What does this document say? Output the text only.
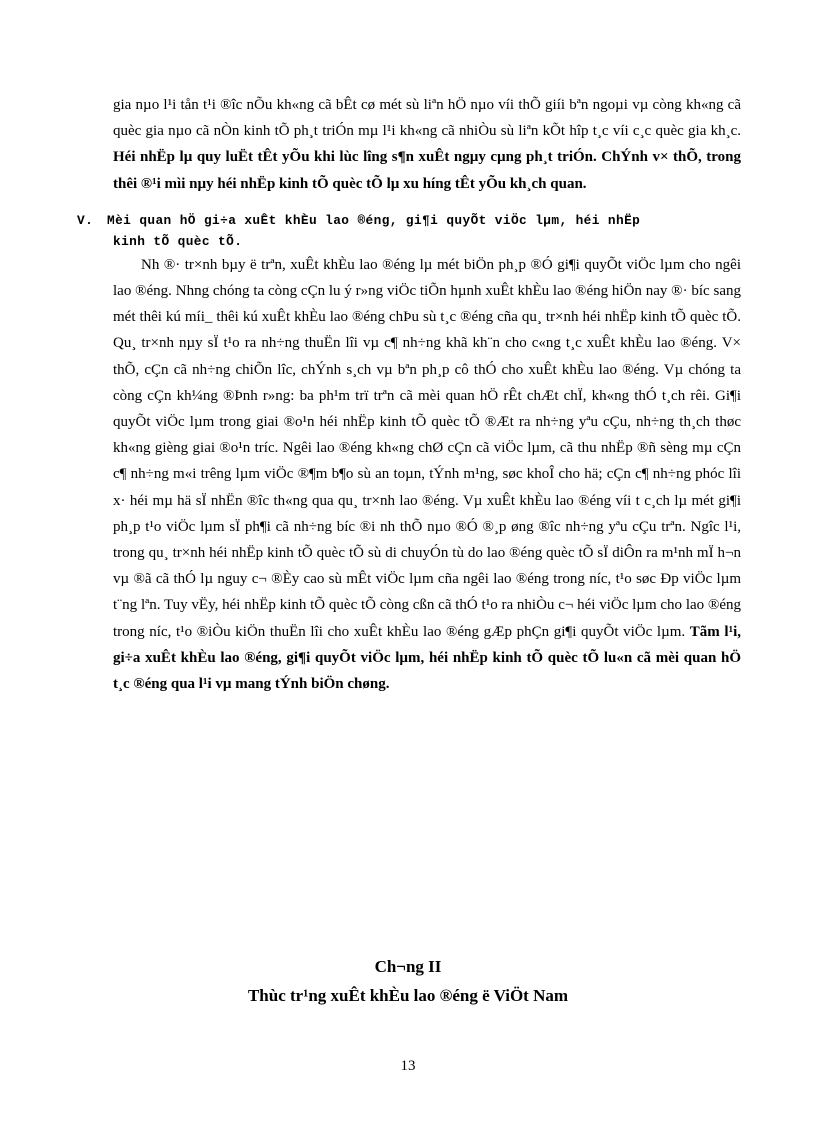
gia nµo l¹i tån t¹i ®îc nÕu kh«ng cã bÊt cø mét sù liªn hÖ nµo víi thÕ giíi bªn ngoµi vµ còng kh«ng cã quèc gia nµo cã nÒn kinh tÕ ph¸t triÓn mµ l¹i kh«ng cã nhiÒu sù liªn kÕt hîp t¸c víi c¸c quèc gia kh¸c. Héi nhËp lµ quy luËt tÊt yÕu khi lùc lîng s¶n xuÊt ngµy cµng ph¸t triÓn. ChÝnh v× thÕ, trong thêi ®¹i mìi nµy héi nhËp kinh tÕ quèc tÕ lµ xu híng tÊt yÕu kh¸ch quan.

V. Mèi quan hÖ gi÷a xuÊt khÈu lao ®éng, gi¶i quyÕt viÖc lµm, héi nhËp
kinh tÕ quèc tÕ.

Nh ®· tr×nh bµy ë trªn, xuÊt khÈu lao ®éng lµ mét biÖn ph¸p ®Ó gi¶i quyÕt viÖc lµm cho ngêi lao ®éng. Nhng chóng ta còng cÇn lu ý r»ng viÖc tiÕn hµnh xuÊt khÈu lao ®éng hiÖn nay ®· bíc sang mét thêi kú míi_ thêi kú xuÊt khÈu lao ®éng chÞu sù t¸c ®éng cña qu¸ tr×nh héi nhËp kinh tÕ quèc tÕ. Qu¸ tr×nh nµy sÏ t¹o ra nh÷ng thuËn lîi vµ c¶ nh÷ng khã kh¨n cho c«ng t¸c xuÊt khÈu lao ®éng. V× thÕ, cÇn cã nh÷ng chiÕn lîc, chÝnh s¸ch vµ bªn ph¸p cô thÓ cho xuÊt khÈu lao ®éng. Vµ chóng ta còng cÇn kh¼ng ®Þnh r»ng: ba ph¹m trï trªn cã mèi quan hÖ rÊt chÆt chÏ, kh«ng thÓ t¸ch rêi. Gi¶i quyÕt viÖc lµm trong giai ®o¹n héi nhËp kinh tÕ quèc tÕ ®Æt ra nh÷ng yªu cÇu, nh÷ng th¸ch thøc kh«ng gièng giai ®o¹n tríc. Ngêi lao ®éng kh«ng chØ cÇn cã viÖc lµm, cã thu nhËp ®ñ sèng mµ cÇn c¶ nh÷ng m«i trêng lµm viÖc ®¶m b¶o sù an toµn, tÝnh m¹ng, søc khoÎ cho hä; cÇn c¶ nh÷ng phóc lîi x· héi mµ hä sÏ nhËn ®îc th«ng qua qu¸ tr×nh lao ®éng. Vµ xuÊt khÈu lao ®éng víi t c¸ch lµ mét gi¶i ph¸p t¹o viÖc lµm sÏ ph¶i cã nh÷ng bíc ®i nh thÕ nµo ®Ó ®¸p øng ®îc nh÷ng yªu cÇu trªn. Ngîc l¹i, trong qu¸ tr×nh héi nhËp kinh tÕ quèc tÕ sù di chuyÓn tù do lao ®éng quèc tÕ sÏ diÔn ra m¹nh mÏ h¬n vµ ®ã cã thÓ lµ nguy c¬ ®Èy cao sù mÊt viÖc lµm cña ngêi lao ®éng trong níc, t¹o søc Ðp viÖc lµm t¨ng lªn. Tuy vËy, héi nhËp kinh tÕ quèc tÕ còng cßn cã thÓ t¹o ra nhiÒu c¬ héi viÖc lµm cho lao ®éng trong níc, t¹o ®iÒu kiÖn thuËn lîi cho xuÊt khÈu lao ®éng gÆp phÇn gi¶i quyÕt viÖc lµm. Tãm l¹i, gi÷a xuÊt khÈu lao ®éng, gi¶i quyÕt viÖc lµm, héi nhËp kinh tÕ quèc tÕ lu«n cã mèi quan hÖ t¸c ®éng qua l¹i vµ mang tÝnh biÖn chøng.

Ch¬ng II
Thùc tr¹ng xuÊt khÈu lao ®éng ë ViÖt Nam
13
